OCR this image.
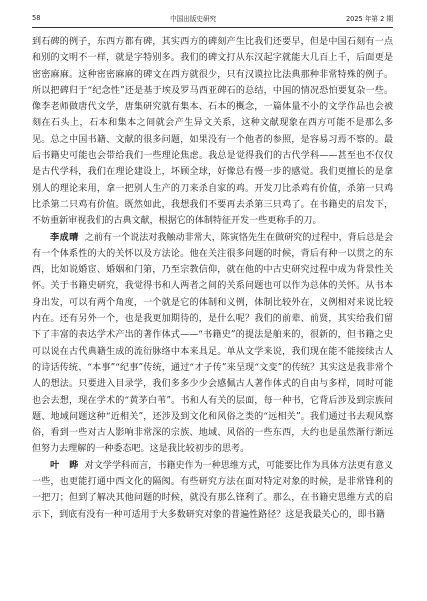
58	中国出版史研究	2025 年第 2 期

到石碑的例子，东西方都有碑，其实西方的碑刻产生比我们还要早，但是中国石刻有一点和别的文明不一样，就是字特别多。我们的碑文打从东汉起字就能大几百上千，后面更是密密麻麻。这种密密麻麻的碑文在西方就很少，只有汉谟拉比法典那种非常特殊的例子。所以把碑归于“纪念性”还是基于埃及罗马西亚碑石的总结，中国的情况恐怕要复杂一些。像李老师做唐代文学，唐集研究就有集本、石本的概念，一篇体量不小的文学作品也会被刻在石头上，石本和集本之间就会产生异文关系，这种文献现象在西方可能不是那么多见。总之中国书籍、文献的很多问题，如果没有一个他者的参照，是容易习焉不察的。最后书籍史可能也会带给我们一些理论焦虑。我总是觉得我们的古代学科——甚至也不仅仅是古代学科，我们在理论建设上，坏顾全球，好像总有慢一步的感觉。我们更擅长的是拿别人的理论来用，拿一把别人生产的刀来杀自家的鸡。开发刀比杀鸡有价值，杀第一只鸡比杀第二只鸡有价值。既然如此，我想我们不要再去杀第三只鸡了。在书籍史的启发下，不妨重新审视我们的古典文献，根据它的体制特征开发一些更称手的刀。

李成晴 之前有一个说法对我触动非常大，陈寅恪先生在做研究的过程中，背后总是会有一个体系性的大的关怀以及方法论。他在关注很多问题的时候，背后有种一以贯之的东西，比如说婚宦、婚姻和门第，乃至宗教信仰，就在他的中古史研究过程中成为背景性关怀。关于书籍史研究，我觉得书和人两者之间的关系问题也可以作为总体的关怀。从书本身出发，可以有两个角度，一个就是它的体制和义例，体制比较外在，义例相对来说比较内在。还有另外一个，也是我更加期待的，是什么呢？我们的前辈、前贤，其实给我们留下了丰富的表达学术产出的著作体式——“书籍史”的提法是舶来的，很新的，但书籍之史可以说在古代典籍生成的流衍脉络中本来具足。单从文学来说，我们现在能不能接续古人的诗话传统、“本事”“纪事”传统，通过“才子传”来呈现“文变”的传统？其实这是我非常个人的想法。只要进入目录学，我们多多少少会感佩古人著作体式的自由与多样，同时可能也会去想，现在学术的“黄茅白苇”。书和人有关的层面，每一种书，它背后涉及到宗族问题、地域问题这种“近相关”，还涉及到文化和风俗之类的“远相关”。我们通过书去观风察俗，看到一些对古人影响非常深的宗族、地域、风俗的一些东西，大约也是虽然渐行渐远但努力去理解的一种委态吧。这是我比较初步的思考。

叶　晔 对文学学科而言，书籍史作为一种思维方式，可能要比作为具体方法更有意义一些，也更能打通中西文化的隔阂。有些研究方法在面对特定对象的时候，是非常锋利的一把刀；但到了解决其他问题的时候，就没有那么锋利了。那么，在书籍史思维方式的启示下，到底有没有一种可适用于大多数研究对象的普遍性路径？这是我最关心的，即书籍
